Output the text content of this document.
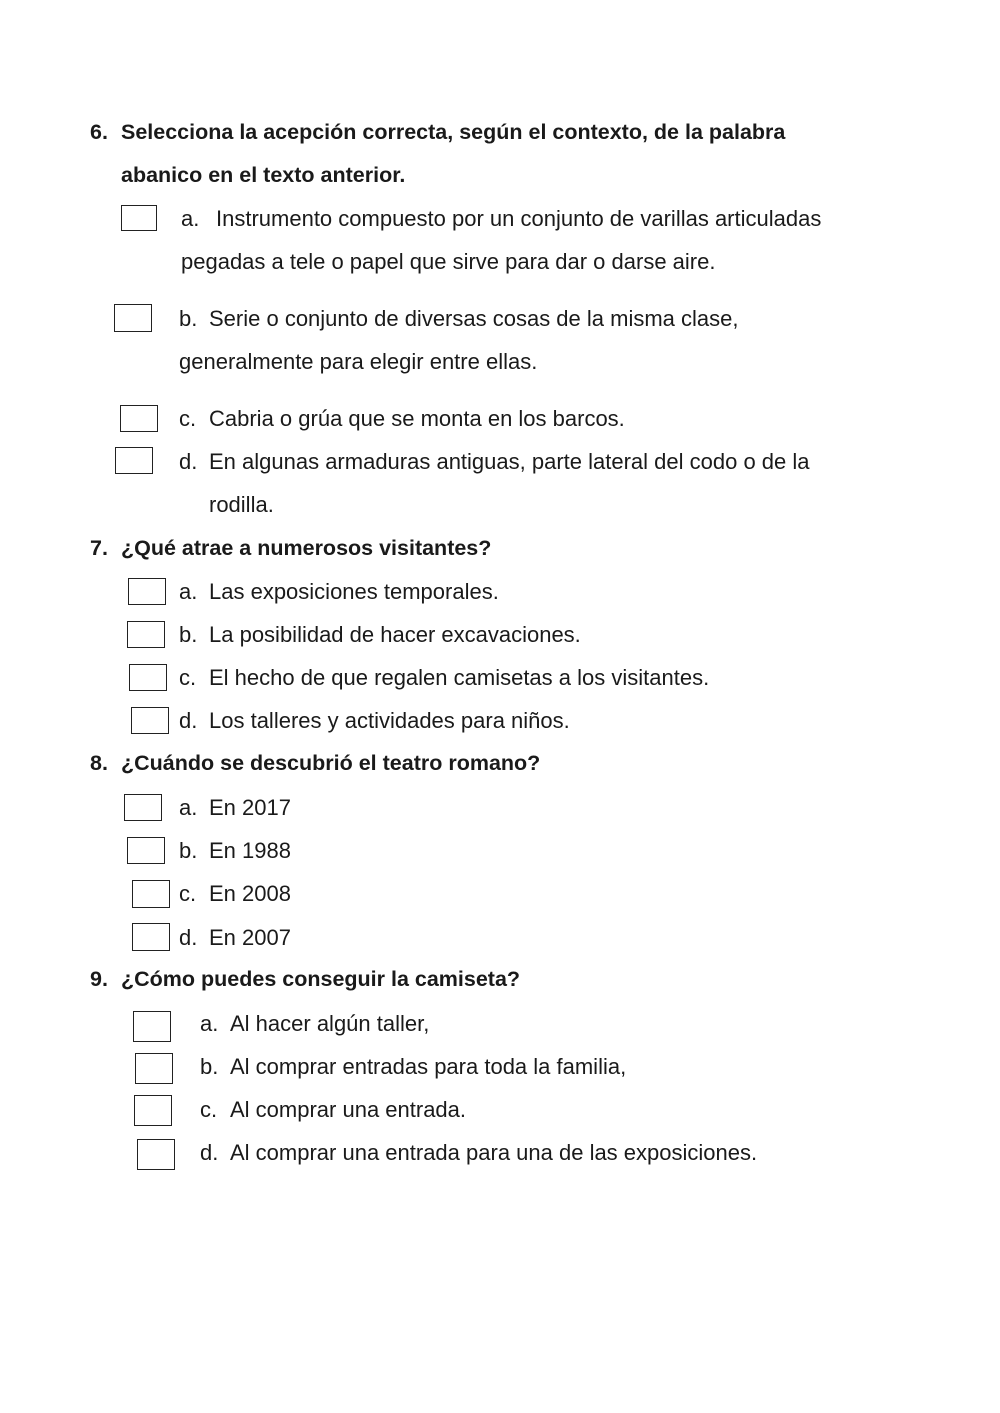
6. Selecciona la acepción correcta, según el contexto, de la palabra
abanico en el texto anterior.
a. Instrumento compuesto por un conjunto de varillas articuladas
pegadas a tele o papel que sirve para dar o darse aire.
b. Serie o conjunto de diversas cosas de la misma clase,
generalmente para elegir entre ellas.
c. Cabria o grúa que se monta en los barcos.
d. En algunas armaduras antiguas, parte lateral del codo o de la
rodilla.
7. ¿Qué atrae a numerosos visitantes?
a. Las exposiciones temporales.
b. La posibilidad de hacer excavaciones.
c. El hecho de que regalen camisetas a los visitantes.
d. Los talleres y actividades para niños.
8. ¿Cuándo se descubrió el teatro romano?
a. En 2017
b. En 1988
c. En 2008
d. En 2007
9. ¿Cómo puedes conseguir la camiseta?
a. Al hacer algún taller,
b. Al comprar entradas para toda la familia,
c. Al comprar una entrada.
d. Al comprar una entrada para una de las exposiciones.
